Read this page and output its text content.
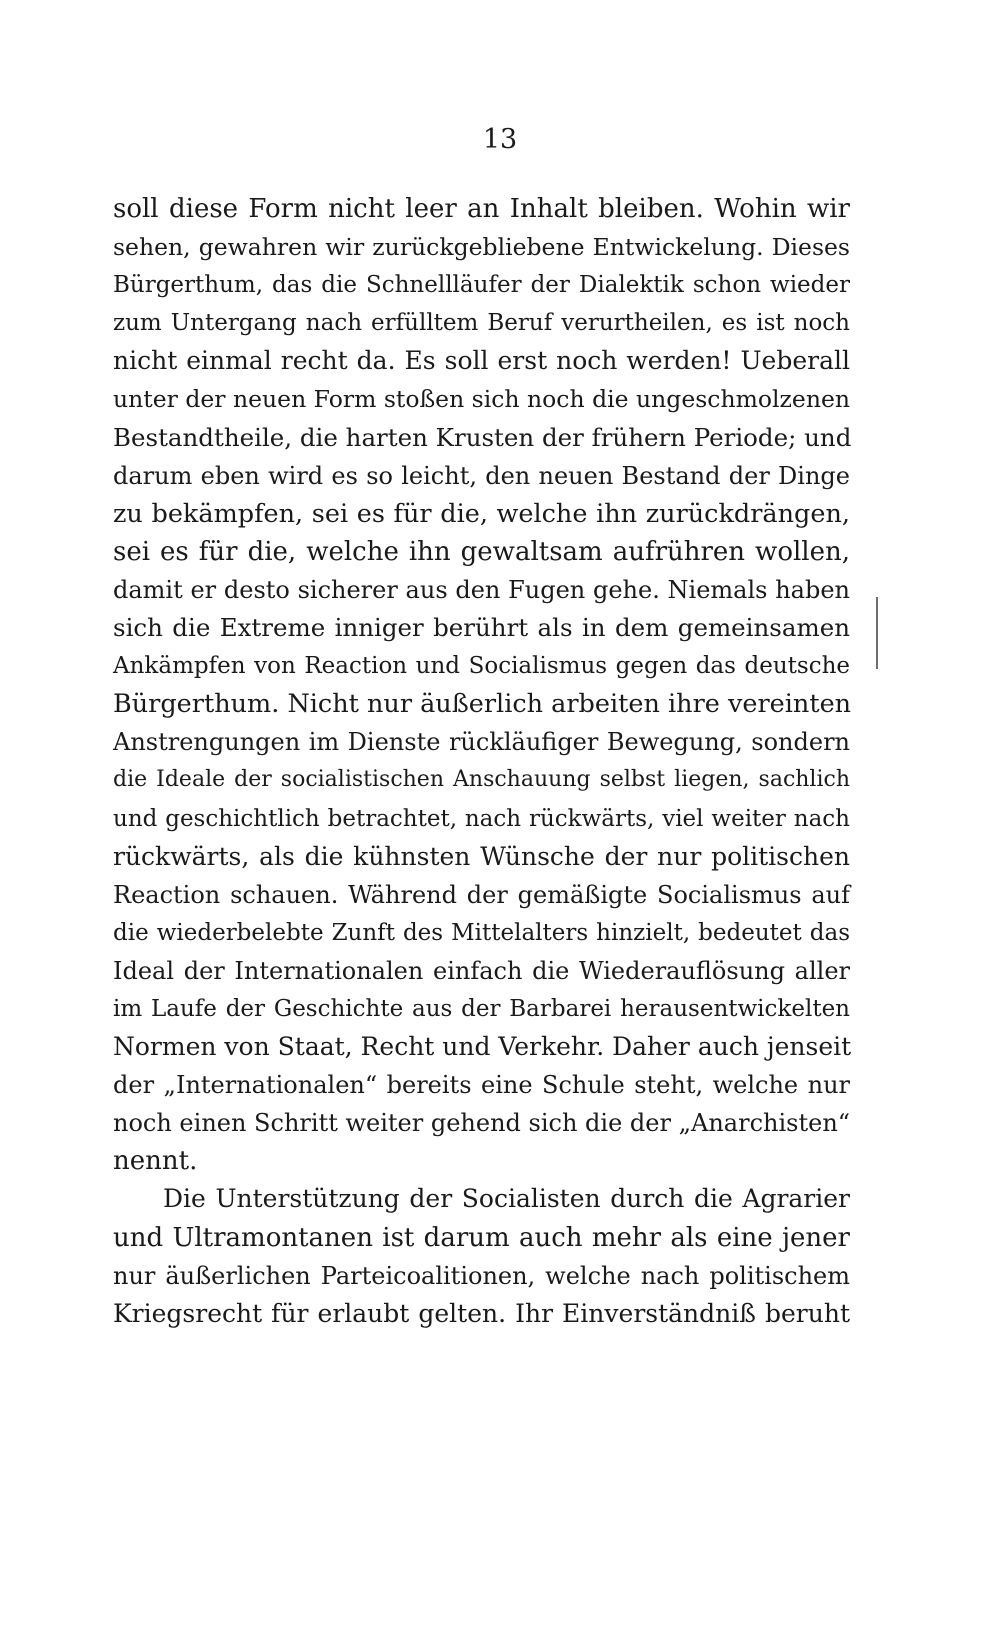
13
soll diese Form nicht leer an Inhalt bleiben. Wohin wir
sehen, gewahren wir zurückgebliebene Entwickelung. Dieses
Bürgerthum, das die Schnellläufer der Dialektik schon wieder
zum Untergang nach erfülltem Beruf verurtheilen, es ist noch
nicht einmal recht da. Es soll erst noch werden! Ueberall
unter der neuen Form stoßen sich noch die ungeschmolzenen
Bestandtheile, die harten Krusten der frühern Periode; und
darum eben wird es so leicht, den neuen Bestand der Dinge
zu bekämpfen, sei es für die, welche ihn zurückdrängen,
sei es für die, welche ihn gewaltsam aufrühren wollen,
damit er desto sicherer aus den Fugen gehe. Niemals haben
sich die Extreme inniger berührt als in dem gemeinsamen
Ankämpfen von Reaction und Socialismus gegen das deutsche
Bürgerthum. Nicht nur äußerlich arbeiten ihre vereinten
Anstrengungen im Dienste rückläufiger Bewegung, sondern
die Ideale der socialistischen Anschauung selbst liegen, sachlich
und geschichtlich betrachtet, nach rückwärts, viel weiter nach
rückwärts, als die kühnsten Wünsche der nur politischen
Reaction schauen. Während der gemäßigte Socialismus auf
die wiederbelebte Zunft des Mittelalters hinzielt, bedeutet das
Ideal der Internationalen einfach die Wiederauflösung aller
im Laufe der Geschichte aus der Barbarei herausentwickelten
Normen von Staat, Recht und Verkehr. Daher auch jenseit
der „Internationalen“ bereits eine Schule steht, welche nur
noch einen Schritt weiter gehend sich die der „Anarchisten“
nennt.
Die Unterstützung der Socialisten durch die Agrarier
und Ultramontanen ist darum auch mehr als eine jener
nur äußerlichen Parteicoalitionen, welche nach politischem
Kriegsrecht für erlaubt gelten. Ihr Einverständniß beruht
